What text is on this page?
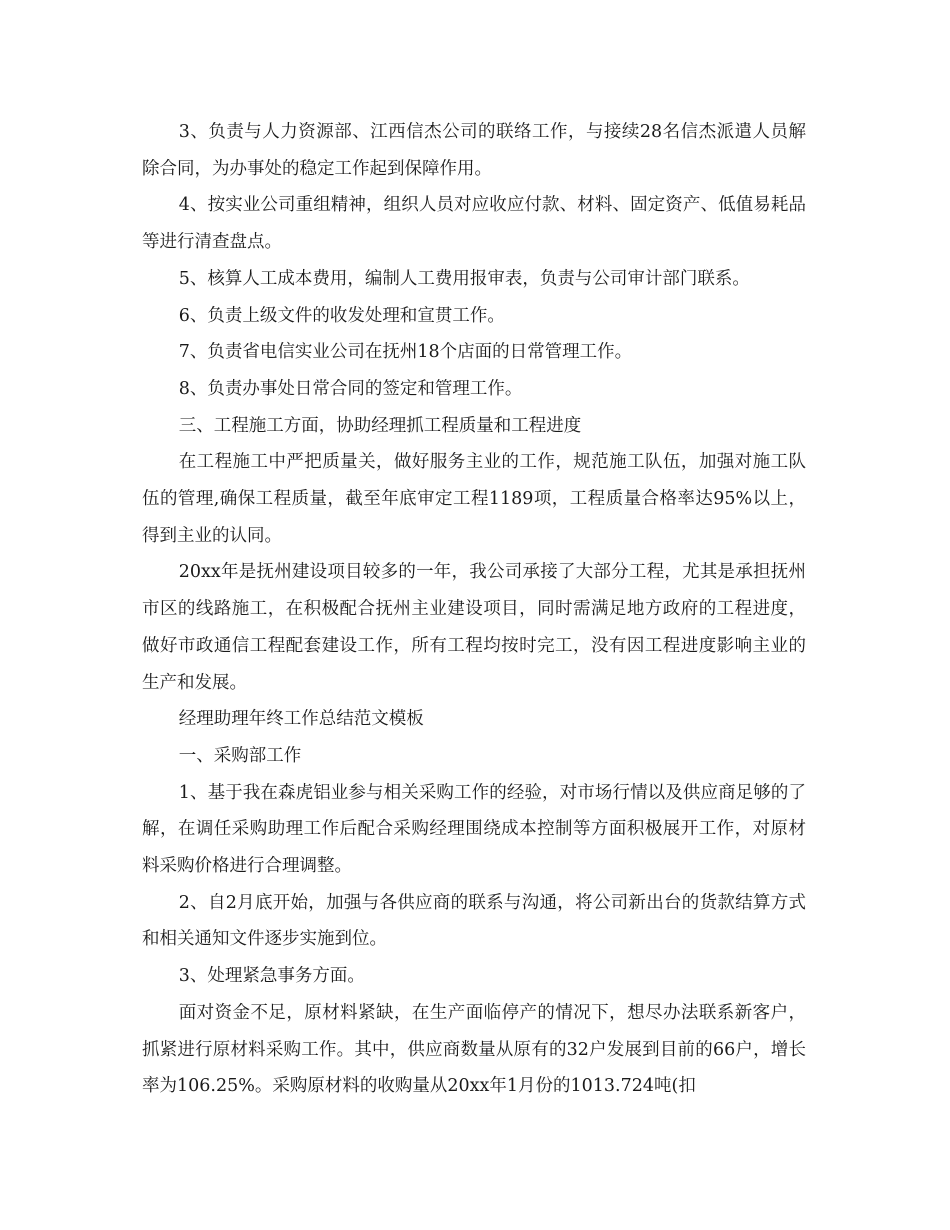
3、负责与人力资源部、江西信杰公司的联络工作，与接续28名信杰派遣人员解除合同，为办事处的稳定工作起到保障作用。

4、按实业公司重组精神，组织人员对应收应付款、材料、固定资产、低值易耗品等进行清查盘点。

5、核算人工成本费用，编制人工费用报审表，负责与公司审计部门联系。

6、负责上级文件的收发处理和宣贯工作。

7、负责省电信实业公司在抚州18个店面的日常管理工作。

8、负责办事处日常合同的签定和管理工作。

三、工程施工方面，协助经理抓工程质量和工程进度

在工程施工中严把质量关，做好服务主业的工作，规范施工队伍，加强对施工队伍的管理,确保工程质量，截至年底审定工程1189项，工程质量合格率达95%以上，得到主业的认同。

20xx年是抚州建设项目较多的一年，我公司承接了大部分工程，尤其是承担抚州市区的线路施工，在积极配合抚州主业建设项目，同时需满足地方政府的工程进度，做好市政通信工程配套建设工作，所有工程均按时完工，没有因工程进度影响主业的生产和发展。

经理助理年终工作总结范文模板

一、采购部工作

1、基于我在森虎铝业参与相关采购工作的经验，对市场行情以及供应商足够的了解，在调任采购助理工作后配合采购经理围绕成本控制等方面积极展开工作，对原材料采购价格进行合理调整。

2、自2月底开始，加强与各供应商的联系与沟通，将公司新出台的货款结算方式和相关通知文件逐步实施到位。

3、处理紧急事务方面。

面对资金不足，原材料紧缺，在生产面临停产的情况下，想尽办法联系新客户，抓紧进行原材料采购工作。其中，供应商数量从原有的32户发展到目前的66户，增长率为106.25%。采购原材料的收购量从20xx年1月份的1013.724吨(扣
